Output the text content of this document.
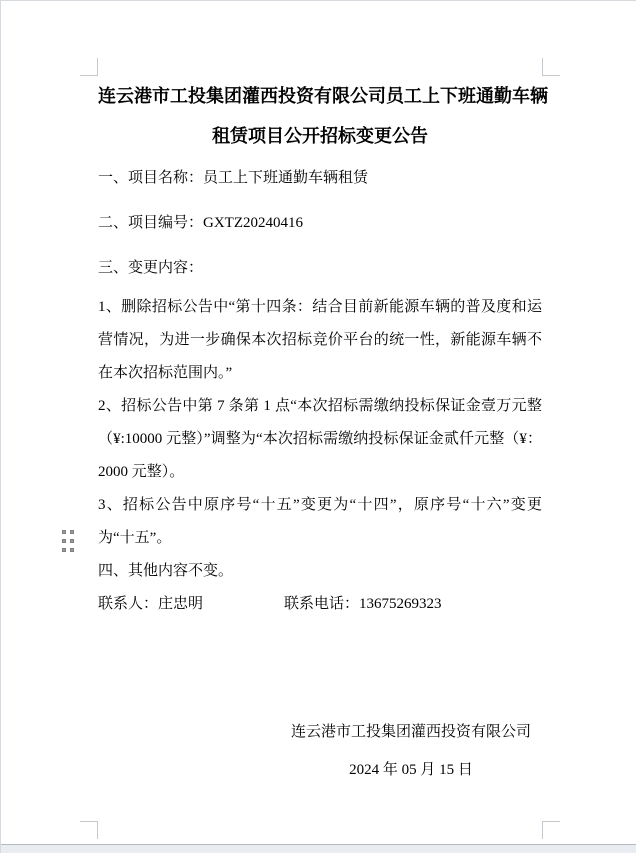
连云港市工投集团灌西投资有限公司员工上下班通勤车辆
租赁项目公开招标变更公告
一、项目名称：员工上下班通勤车辆租赁
二、项目编号：GXTZ20240416
三、变更内容：
1、删除招标公告中“第十四条：结合目前新能源车辆的普及度和运营情况，为进一步确保本次招标竞价平台的统一性，新能源车辆不在本次招标范围内。”
2、招标公告中第 7 条第 1 点“本次招标需缴纳投标保证金壹万元整（¥:10000 元整）”调整为“本次招标需缴纳投标保证金贰仟元整（¥：2000 元整）。
3、招标公告中原序号“十五”变更为“十四”，原序号“十六”变更为“十五”。
四、其他内容不变。
联系人：庄忠明	联系电话：13675269323
连云港市工投集团灌西投资有限公司
2024 年 05 月 15 日
